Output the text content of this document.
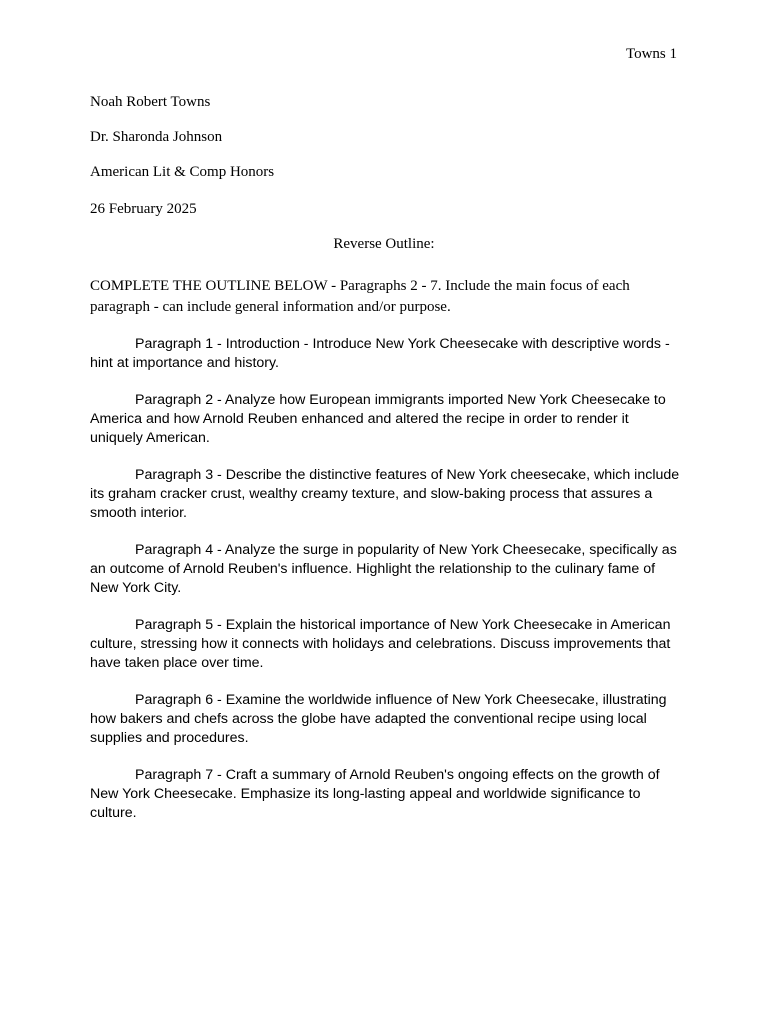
Towns 1
Noah Robert Towns
Dr. Sharonda Johnson
American Lit & Comp Honors
26 February 2025
Reverse Outline:
COMPLETE THE OUTLINE BELOW - Paragraphs 2 - 7. Include the main focus of each paragraph - can include general information and/or purpose.

Paragraph 1 - Introduction - Introduce New York Cheesecake with descriptive words - hint at importance and history.

Paragraph 2 - Analyze how European immigrants imported New York Cheesecake to America and how Arnold Reuben enhanced and altered the recipe in order to render it uniquely American.

Paragraph 3 - Describe the distinctive features of New York cheesecake, which include its graham cracker crust, wealthy creamy texture, and slow-baking process that assures a smooth interior.

Paragraph 4 - Analyze the surge in popularity of New York Cheesecake, specifically as an outcome of Arnold Reuben's influence. Highlight the relationship to the culinary fame of New York City.

Paragraph 5 - Explain the historical importance of New York Cheesecake in American culture, stressing how it connects with holidays and celebrations. Discuss improvements that have taken place over time.

Paragraph 6 - Examine the worldwide influence of New York Cheesecake, illustrating how bakers and chefs across the globe have adapted the conventional recipe using local supplies and procedures.

Paragraph 7 - Craft a summary of Arnold Reuben's ongoing effects on the growth of New York Cheesecake. Emphasize its long-lasting appeal and worldwide significance to culture.
